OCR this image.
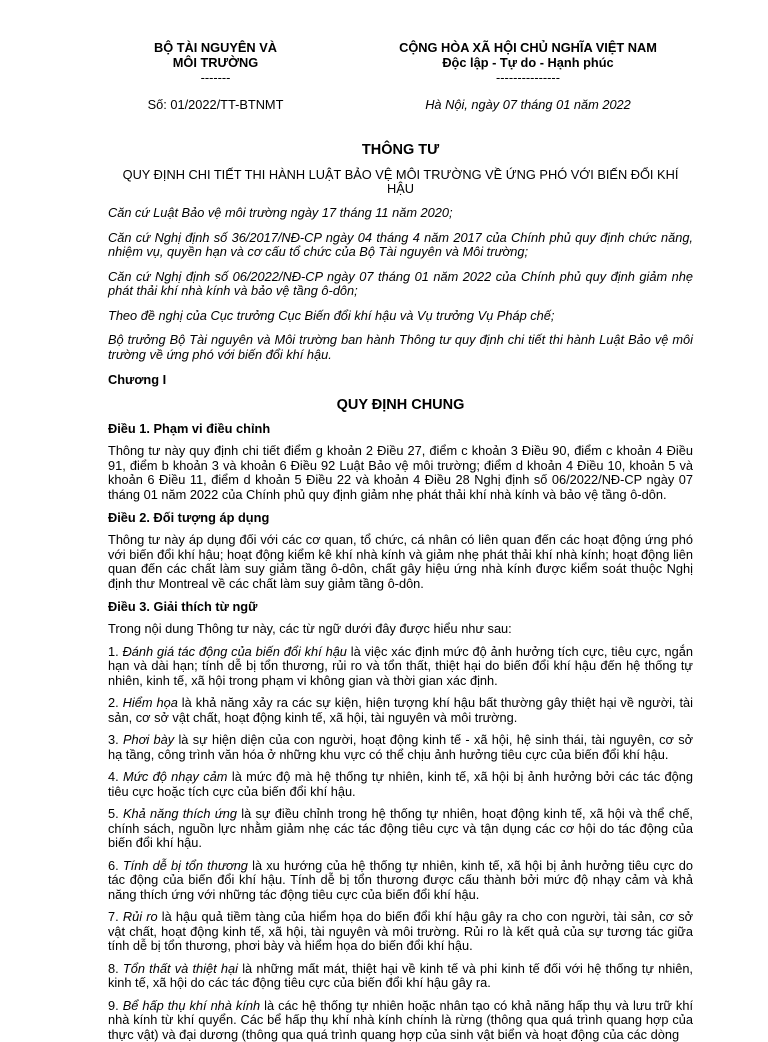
BỘ TÀI NGUYÊN VÀ
MÔI TRƯỜNG
-------
CỘNG HÒA XÃ HỘI CHỦ NGHĨA VIỆT NAM
Độc lập - Tự do - Hạnh phúc
---------------
Số: 01/2022/TT-BTNMT	Hà Nội, ngày 07 tháng 01 năm 2022
THÔNG TƯ
QUY ĐỊNH CHI TIẾT THI HÀNH LUẬT BẢO VỆ MÔI TRƯỜNG VỀ ỨNG PHÓ VỚI BIẾN ĐỔI KHÍ HẬU

Căn cứ Luật Bảo vệ môi trường ngày 17 tháng 11 năm 2020;

Căn cứ Nghị định số 36/2017/NĐ-CP ngày 04 tháng 4 năm 2017 của Chính phủ quy định chức năng, nhiệm vụ, quyền hạn và cơ cấu tổ chức của Bộ Tài nguyên và Môi trường;

Căn cứ Nghị định số 06/2022/NĐ-CP ngày 07 tháng 01 năm 2022 của Chính phủ quy định giảm nhẹ phát thải khí nhà kính và bảo vệ tầng ô-dôn;

Theo đề nghị của Cục trưởng Cục Biến đổi khí hậu và Vụ trưởng Vụ Pháp chế;

Bộ trưởng Bộ Tài nguyên và Môi trường ban hành Thông tư quy định chi tiết thi hành Luật Bảo vệ môi trường về ứng phó với biến đổi khí hậu.

Chương I
QUY ĐỊNH CHUNG
Điều 1. Phạm vi điều chỉnh

Thông tư này quy định chi tiết điểm g khoản 2 Điều 27, điểm c khoản 3 Điều 90, điểm c khoản 4 Điều 91, điểm b khoản 3 và khoản 6 Điều 92 Luật Bảo vệ môi trường; điểm d khoản 4 Điều 10, khoản 5 và khoản 6 Điều 11, điểm d khoản 5 Điều 22 và khoản 4 Điều 28 Nghị định số 06/2022/NĐ-CP ngày 07 tháng 01 năm 2022 của Chính phủ quy định giảm nhẹ phát thải khí nhà kính và bảo vệ tầng ô-dôn.

Điều 2. Đối tượng áp dụng

Thông tư này áp dụng đối với các cơ quan, tổ chức, cá nhân có liên quan đến các hoạt động ứng phó với biến đổi khí hậu; hoạt động kiểm kê khí nhà kính và giảm nhẹ phát thải khí nhà kính; hoạt động liên quan đến các chất làm suy giảm tầng ô-dôn, chất gây hiệu ứng nhà kính được kiểm soát thuộc Nghị định thư Montreal về các chất làm suy giảm tầng ô-dôn.

Điều 3. Giải thích từ ngữ

Trong nội dung Thông tư này, các từ ngữ dưới đây được hiểu như sau:

1. Đánh giá tác động của biến đổi khí hậu là việc xác định mức độ ảnh hưởng tích cực, tiêu cực, ngắn hạn và dài hạn; tính dễ bị tổn thương, rủi ro và tổn thất, thiệt hại do biến đổi khí hậu đến hệ thống tự nhiên, kinh tế, xã hội trong phạm vi không gian và thời gian xác định.

2. Hiểm họa là khả năng xảy ra các sự kiện, hiện tượng khí hậu bất thường gây thiệt hại về người, tài sản, cơ sở vật chất, hoạt động kinh tế, xã hội, tài nguyên và môi trường.

3. Phơi bày là sự hiện diện của con người, hoạt động kinh tế - xã hội, hệ sinh thái, tài nguyên, cơ sở hạ tầng, công trình văn hóa ở những khu vực có thể chịu ảnh hưởng tiêu cực của biến đổi khí hậu.

4. Mức độ nhạy cảm là mức độ mà hệ thống tự nhiên, kinh tế, xã hội bị ảnh hưởng bởi các tác động tiêu cực hoặc tích cực của biến đổi khí hậu.

5. Khả năng thích ứng là sự điều chỉnh trong hệ thống tự nhiên, hoạt động kinh tế, xã hội và thể chế, chính sách, nguồn lực nhằm giảm nhẹ các tác động tiêu cực và tận dụng các cơ hội do tác động của biến đổi khí hậu.

6. Tính dễ bị tổn thương là xu hướng của hệ thống tự nhiên, kinh tế, xã hội bị ảnh hưởng tiêu cực do tác động của biến đổi khí hậu. Tính dễ bị tổn thương được cấu thành bởi mức độ nhạy cảm và khả năng thích ứng với những tác động tiêu cực của biến đổi khí hậu.

7. Rủi ro là hậu quả tiềm tàng của hiểm họa do biến đổi khí hậu gây ra cho con người, tài sản, cơ sở vật chất, hoạt động kinh tế, xã hội, tài nguyên và môi trường. Rủi ro là kết quả của sự tương tác giữa tính dễ bị tổn thương, phơi bày và hiểm họa do biến đổi khí hậu.

8. Tổn thất và thiệt hại là những mất mát, thiệt hại về kinh tế và phi kinh tế đối với hệ thống tự nhiên, kinh tế, xã hội do các tác động tiêu cực của biến đổi khí hậu gây ra.

9. Bể hấp thụ khí nhà kính là các hệ thống tự nhiên hoặc nhân tạo có khả năng hấp thụ và lưu trữ khí nhà kính từ khí quyển. Các bể hấp thụ khí nhà kính chính là rừng (thông qua quá trình quang hợp của thực vật) và đại dương (thông qua quá trình quang hợp của sinh vật biển và hoạt động của các dòng
